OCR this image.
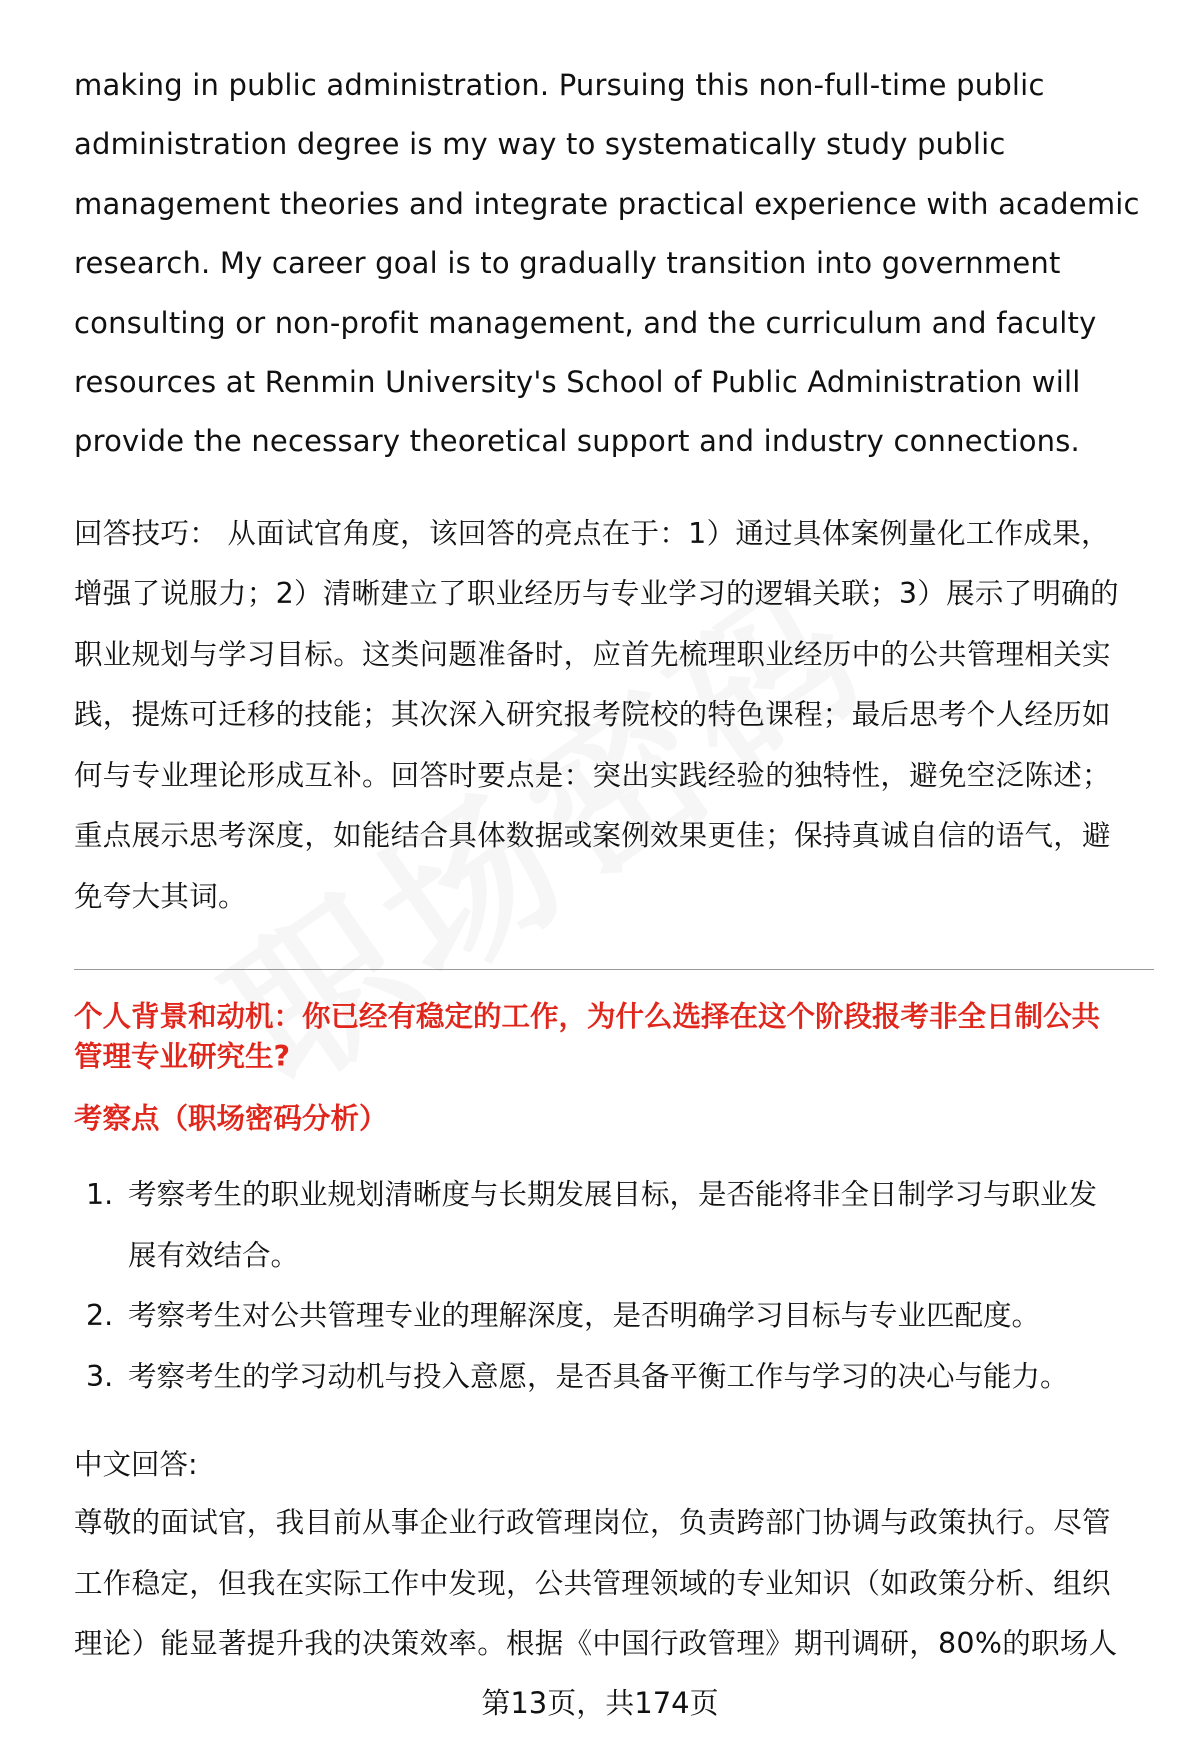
making in public administration. Pursuing this non-full-time public

administration degree is my way to systematically study public

management theories and integrate practical experience with academic

research. My career goal is to gradually transition into government

consulting or non-profit management, and the curriculum and faculty

resources at Renmin University's School of Public Administration will

provide the necessary theoretical support and industry connections.

回答技巧： 从面试官角度，该回答的亮点在于：1）通过具体案例量化工作成果，

增强了说服力；2）清晰建立了职业经历与专业学习的逻辑关联；3）展示了明确的

职业规划与学习目标。这类问题准备时，应首先梳理职业经历中的公共管理相关实

践，提炼可迁移的技能；其次深入研究报考院校的特色课程；最后思考个人经历如

何与专业理论形成互补。回答时要点是：突出实践经验的独特性，避免空泛陈述；

重点展示思考深度，如能结合具体数据或案例效果更佳；保持真诚自信的语气，避

免夸大其词。

个人背景和动机：你已经有稳定的工作，为什么选择在这个阶段报考非全日制公共
管理专业研究生?
考察点（职场密码分析）
1. 考察考生的职业规划清晰度与长期发展目标，是否能将非全日制学习与职业发
展有效结合。
2. 考察考生对公共管理专业的理解深度，是否明确学习目标与专业匹配度。
3. 考察考生的学习动机与投入意愿，是否具备平衡工作与学习的决心与能力。
中文回答:

尊敬的面试官，我目前从事企业行政管理岗位，负责跨部门协调与政策执行。尽管

工作稳定，但我在实际工作中发现，公共管理领域的专业知识（如政策分析、组织

理论）能显著提升我的决策效率。根据《中国行政管理》期刊调研，80%的职场人

第13页，共174页
